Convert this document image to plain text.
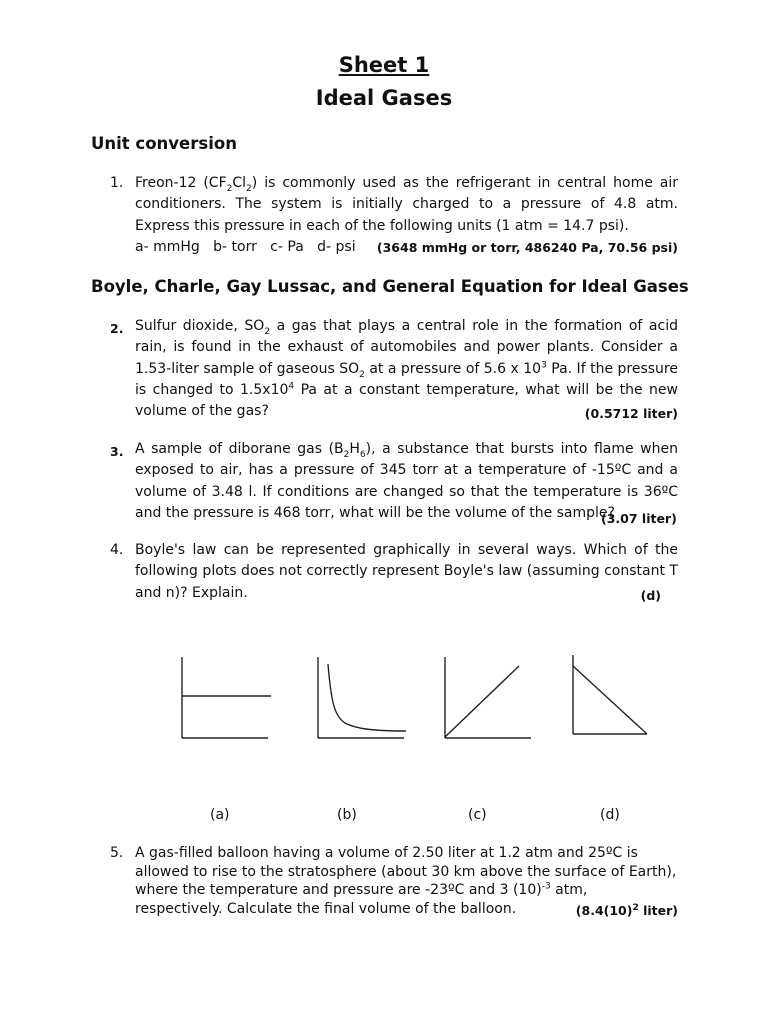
Sheet 1
Ideal Gases
Unit conversion
1. Freon-12 $(CF_2Cl_2)$ is commonly used as the refrigerant in central home air conditioners. The system is initially charged to a pressure of 4.8 atm. Express this pressure in each of the following units (1 atm = 14.7 psi).
a- mmHg   b- torr   c- Pa   d- psi (3648 mmHg or torr, 486240 Pa, 70.56 psi)
Boyle, Charle, Gay Lussac, and General Equation for Ideal Gases
2. Sulfur dioxide, $SO_2$ a gas that plays a central role in the formation of acid rain, is found in the exhaust of automobiles and power plants. Consider a 1.53-liter sample of gaseous $SO_2$ at a pressure of 5.6 x $10^3$ Pa. If the pressure is changed to $1.5x10^4$ Pa at a constant temperature, what will be the new volume of the gas?	(0.5712 liter)
3. A sample of diborane gas $(B_2H_6)$, a substance that bursts into flame when exposed to air, has a pressure of 345 torr at a temperature of -15ºC and a volume of 3.48 l. If conditions are changed so that the temperature is 36ºC and the pressure is 468 torr, what will be the volume of the sample?
(3.07 liter)
4. Boyle's law can be represented graphically in several ways. Which of the following plots does not correctly represent Boyle's law (assuming constant T and n)? Explain.	(d)
(a)	(b)	(c)	(d)
5. A gas-filled balloon having a volume of 2.50 liter at 1.2 atm and 25ºC is allowed to rise to the stratosphere (about 30 km above the surface of Earth), where the temperature and pressure are -23ºC and 3 $(10)^{-3}$ atm, respectively. Calculate the final volume of the balloon.	($8.4(10)^2$ liter)
